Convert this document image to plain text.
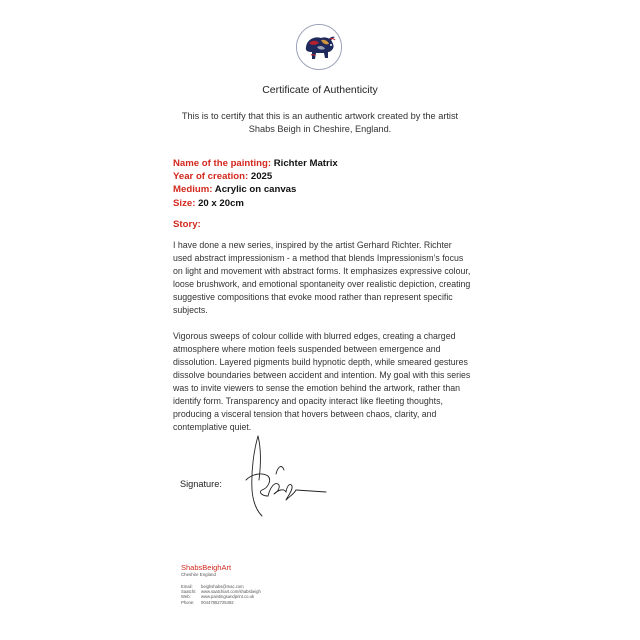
Certificate of Authenticity
This is to certify that this is an authentic artwork created by the artist
Shabs Beigh in Cheshire, England.
Name of the painting: Richter Matrix
Year of creation: 2025
Medium: Acrylic on canvas
Size: 20 x 20cm
Story:

I have done a new series, inspired by the artist Gerhard Richter. Richter used abstract impressionism - a method that blends Impressionism’s focus on light and movement with abstract forms. It emphasizes expressive colour, loose brushwork, and emotional spontaneity over realistic depiction, creating suggestive compositions that evoke mood rather than represent specific subjects.

Vigorous sweeps of colour collide with blurred edges, creating a charged atmosphere where motion feels suspended between emergence and dissolution. Layered pigments build hypnotic depth, while smeared gestures dissolve boundaries between accident and intention. My goal with this series was to invite viewers to sense the emotion behind the artwork, rather than identify form. Transparency and opacity interact like fleeting thoughts, producing a visceral tension that hovers between chaos, clarity, and contemplative quiet.

Signature:
ShabsBeighArt
Cheshire England
Email: beighshabs@mac.com
Saatchi: www.saatchiart.com/shabsbeigh
Web: www.paintingsandprint.co.uk
Phone: 00447852725492
